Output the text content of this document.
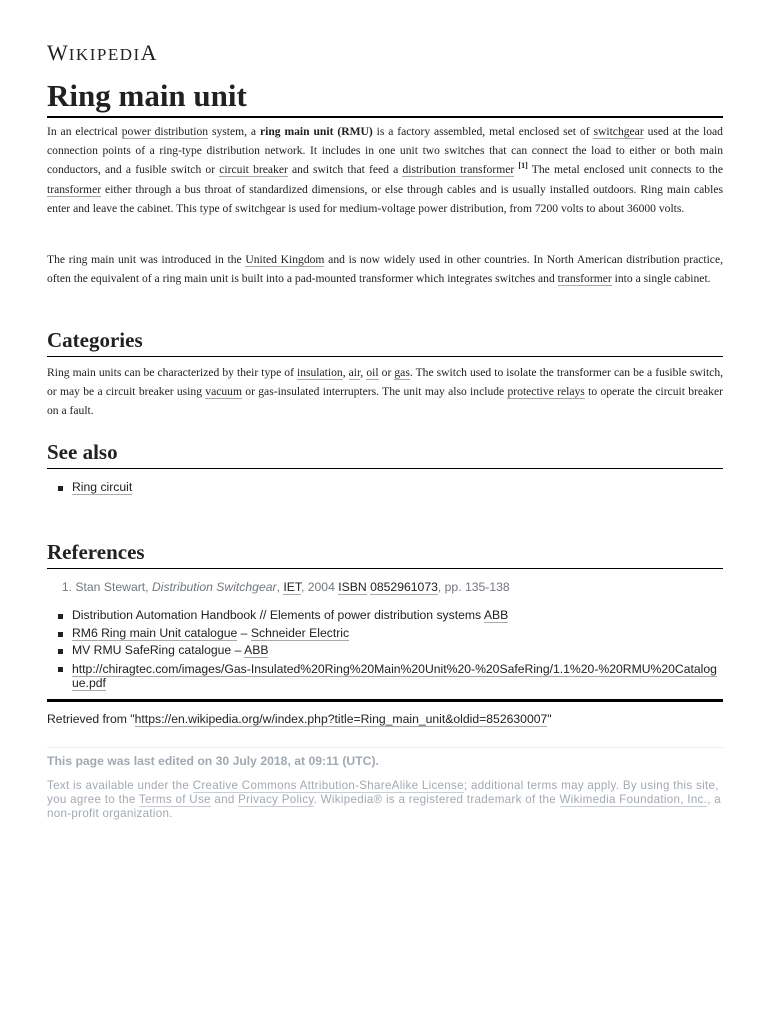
WIKIPEDIA
Ring main unit

In an electrical power distribution system, a ring main unit (RMU) is a factory assembled, metal enclosed set of switchgear used at the load connection points of a ring-type distribution network. It includes in one unit two switches that can connect the load to either or both main conductors, and a fusible switch or circuit breaker and switch that feed a distribution transformer [1] The metal enclosed unit connects to the transformer either through a bus throat of standardized dimensions, or else through cables and is usually installed outdoors. Ring main cables enter and leave the cabinet. This type of switchgear is used for medium-voltage power distribution, from 7200 volts to about 36000 volts.

The ring main unit was introduced in the United Kingdom and is now widely used in other countries. In North American distribution practice, often the equivalent of a ring main unit is built into a pad-mounted transformer which integrates switches and transformer into a single cabinet.

Categories

Ring main units can be characterized by their type of insulation, air, oil or gas. The switch used to isolate the transformer can be a fusible switch, or may be a circuit breaker using vacuum or gas-insulated interrupters. The unit may also include protective relays to operate the circuit breaker on a fault.

See also
Ring circuit
References
1. Stan Stewart, Distribution Switchgear, IET, 2004 ISBN 0852961073, pp. 135-138
Distribution Automation Handbook // Elements of power distribution systems ABB
RM6 Ring main Unit catalogue – Schneider Electric
MV RMU SafeRing catalogue – ABB
http://chiragtec.com/images/Gas-Insulated%20Ring%20Main%20Unit%20-%20SafeRing/1.1%20-%20RMU%20Catalogue.pdf
Retrieved from "https://en.wikipedia.org/w/index.php?title=Ring_main_unit&oldid=852630007"
This page was last edited on 30 July 2018, at 09:11 (UTC).
Text is available under the Creative Commons Attribution-ShareAlike License; additional terms may apply. By using this site, you agree to the Terms of Use and Privacy Policy. Wikipedia® is a registered trademark of the Wikimedia Foundation, Inc., a non-profit organization.
